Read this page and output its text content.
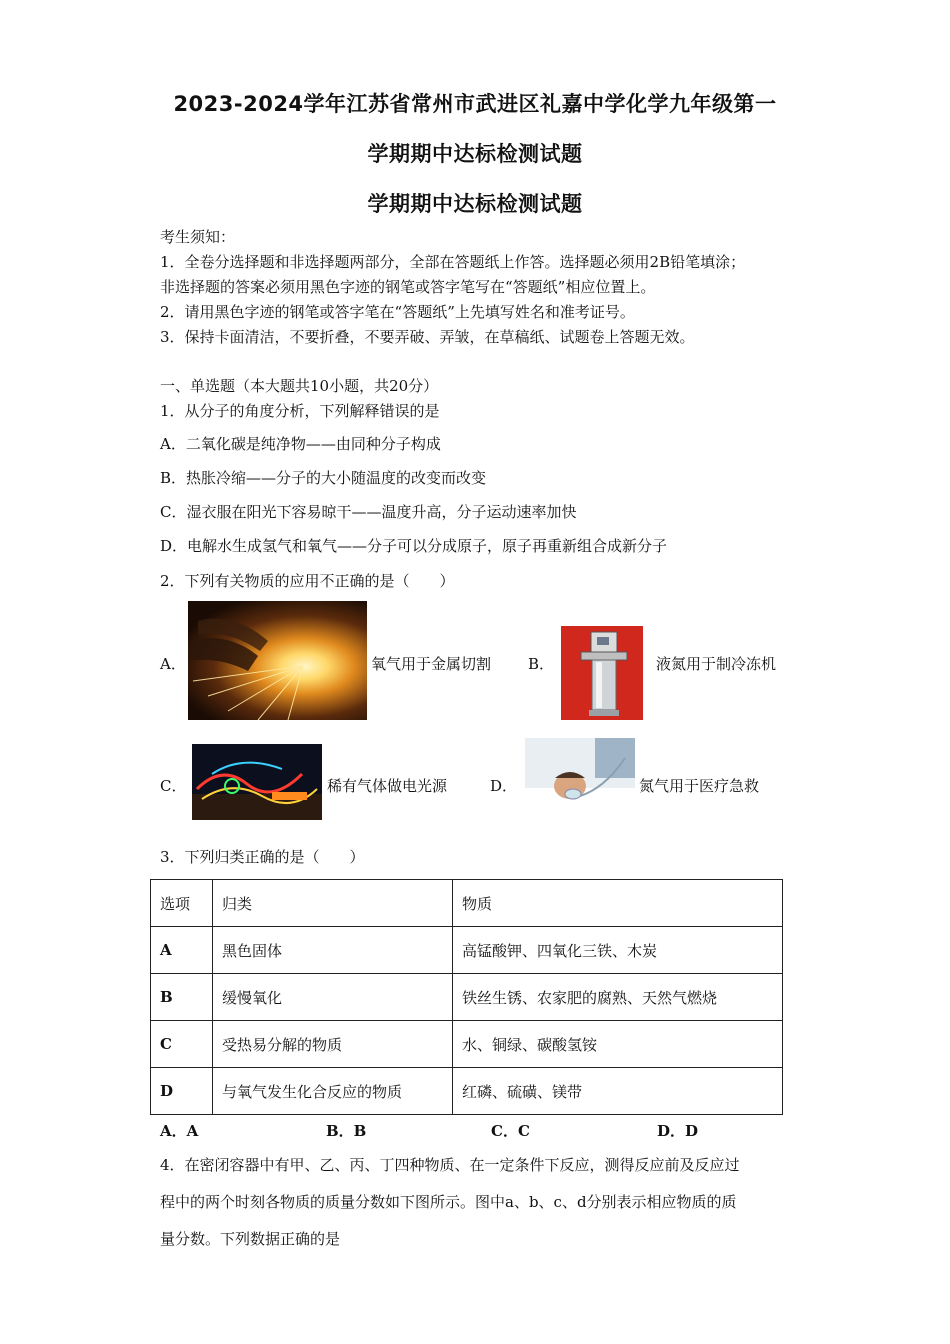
2023-2024学年江苏省常州市武进区礼嘉中学化学九年级第一
学期期中达标检测试题
学期期中达标检测试题
考生须知：
1．全卷分选择题和非选择题两部分，全部在答题纸上作答。选择题必须用2B铅笔填涂；
非选择题的答案必须用黑色字迹的钢笔或答字笔写在“答题纸”相应位置上。
2．请用黑色字迹的钢笔或答字笔在“答题纸”上先填写姓名和准考证号。
3．保持卡面清洁，不要折叠，不要弄破、弄皱，在草稿纸、试题卷上答题无效。
一、单选题（本大题共10小题，共20分）
1．从分子的角度分析，下列解释错误的是
A．二氧化碳是纯净物——由同种分子构成
B．热胀冷缩——分子的大小随温度的改变而改变
C．湿衣服在阳光下容易晾干——温度升高，分子运动速率加快
D．电解水生成氢气和氧气——分子可以分成原子，原子再重新组合成新分子
2．下列有关物质的应用不正确的是（　　）
A．	氧气用于金属切割 B．	液氮用于制冷冻机
C．	稀有气体做电光源	D．	氮气用于医疗急救
3．下列归类正确的是（　　）
选项	归类	物质
A	黑色固体	高锰酸钾、四氧化三铁、木炭
B	缓慢氧化	铁丝生锈、农家肥的腐熟、天然气燃烧
C	受热易分解的物质	水、铜绿、碳酸氢铵
D	与氧气发生化合反应的物质	红磷、硫磺、镁带
A．A	B．B	C．C	D．D
4．在密闭容器中有甲、乙、丙、丁四种物质、在一定条件下反应，测得反应前及反应过
程中的两个时刻各物质的质量分数如下图所示。图中a、b、c、d分别表示相应物质的质
量分数。下列数据正确的是
